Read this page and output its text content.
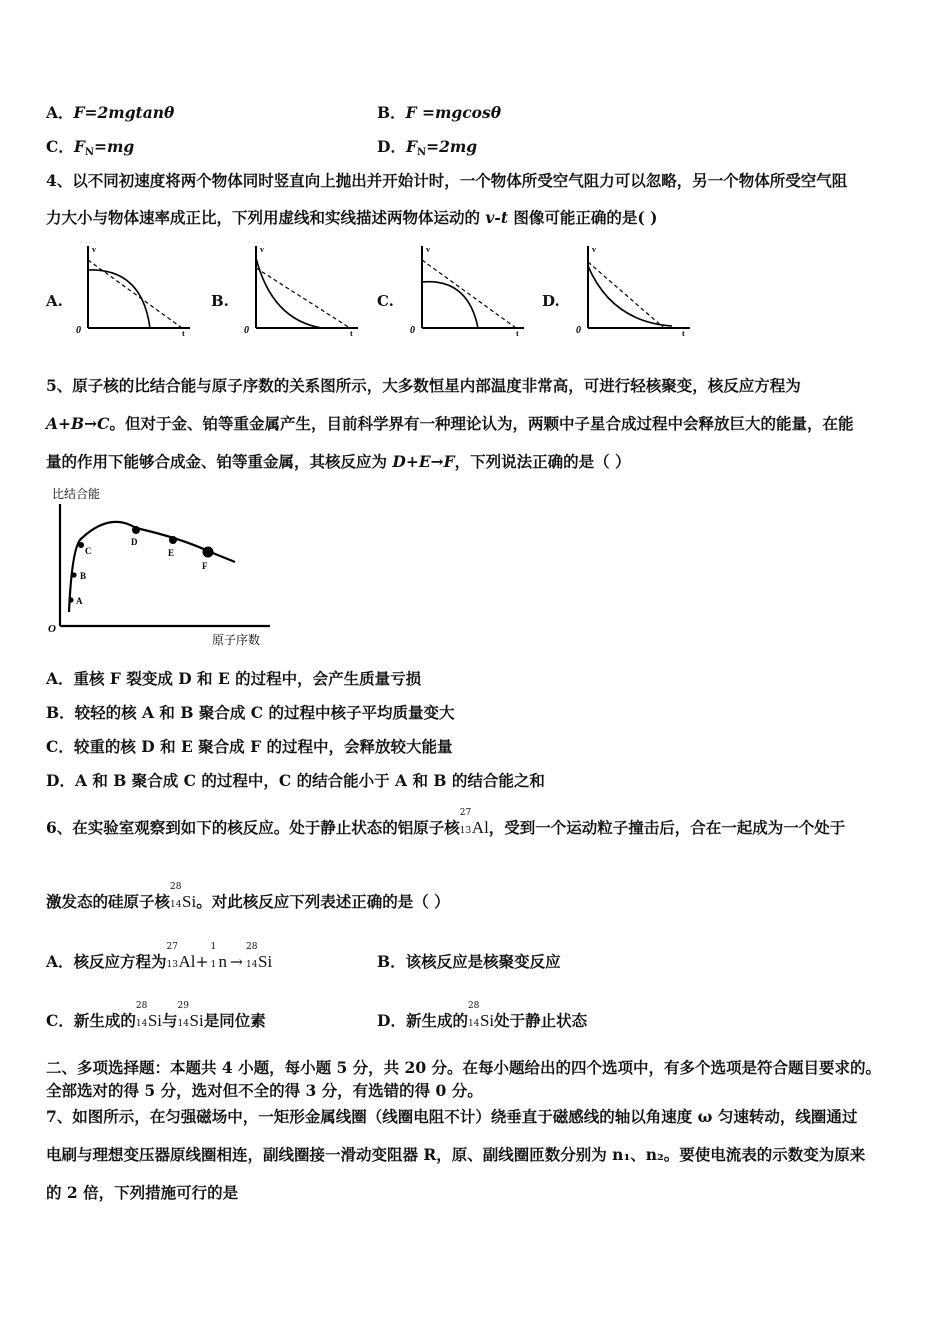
A．F=2mgtanθ	B．F =mgcosθ
C．$F_N=mg$	D．$F_N=2mg$
4、以不同初速度将两个物体同时竖直向上抛出并开始计时，一个物体所受空气阻力可以忽略，另一个物体所受空气阻
力大小与物体速率成正比，下列用虚线和实线描述两物体运动的 v-t 图像可能正确的是( )
A.	B.	C.	D.
v
t
0
v
t
0
v
t
0
v
t
0
5、原子核的比结合能与原子序数的关系图所示，大多数恒星内部温度非常高，可进行轻核聚变，核反应方程为
A+B→C。但对于金、铂等重金属产生，目前科学界有一种理论认为，两颗中子星合成过程中会释放巨大的能量，在能
量的作用下能够合成金、铂等重金属，其核反应为 D+E→F，下列说法正确的是（ ）
比结合能
原子序数
O
A
B
C
D
E
F
A．重核 F 裂变成 D 和 E 的过程中，会产生质量亏损
B．较轻的核 A 和 B 聚合成 C 的过程中核子平均质量变大
C．较重的核 D 和 E 聚合成 F 的过程中，会释放较大能量
D．A 和 B 聚合成 C 的过程中，C 的结合能小于 A 和 B 的结合能之和
6、在实验室观察到如下的核反应。处于静止状态的铝原子核
27
13 Al，受到一个运动粒子撞击后，合在一起成为一个处于
激发态的硅原子核
28
14 Si。对此核反应下列表述正确的是（ ）
A．核反应方程为
27
13 Al+
1
1 n →
28
14 Si	B．该核反应是核聚变反应
C．新生成的
28
14 Si与
29
14 Si是同位素	D．新生成的
28
14 Si处于静止状态
二、多项选择题：本题共 4 小题，每小题 5 分，共 20 分。在每小题给出的四个选项中，有多个选项是符合题目要求的。
全部选对的得 5 分，选对但不全的得 3 分，有选错的得 0 分。
7、如图所示，在匀强磁场中，一矩形金属线圈（线圈电阻不计）绕垂直于磁感线的轴以角速度 ω 匀速转动，线圈通过
电刷与理想变压器原线圈相连，副线圈接一滑动变阻器 R，原、副线圈匝数分别为 n₁、n₂。要使电流表的示数变为原来
的 2 倍，下列措施可行的是
